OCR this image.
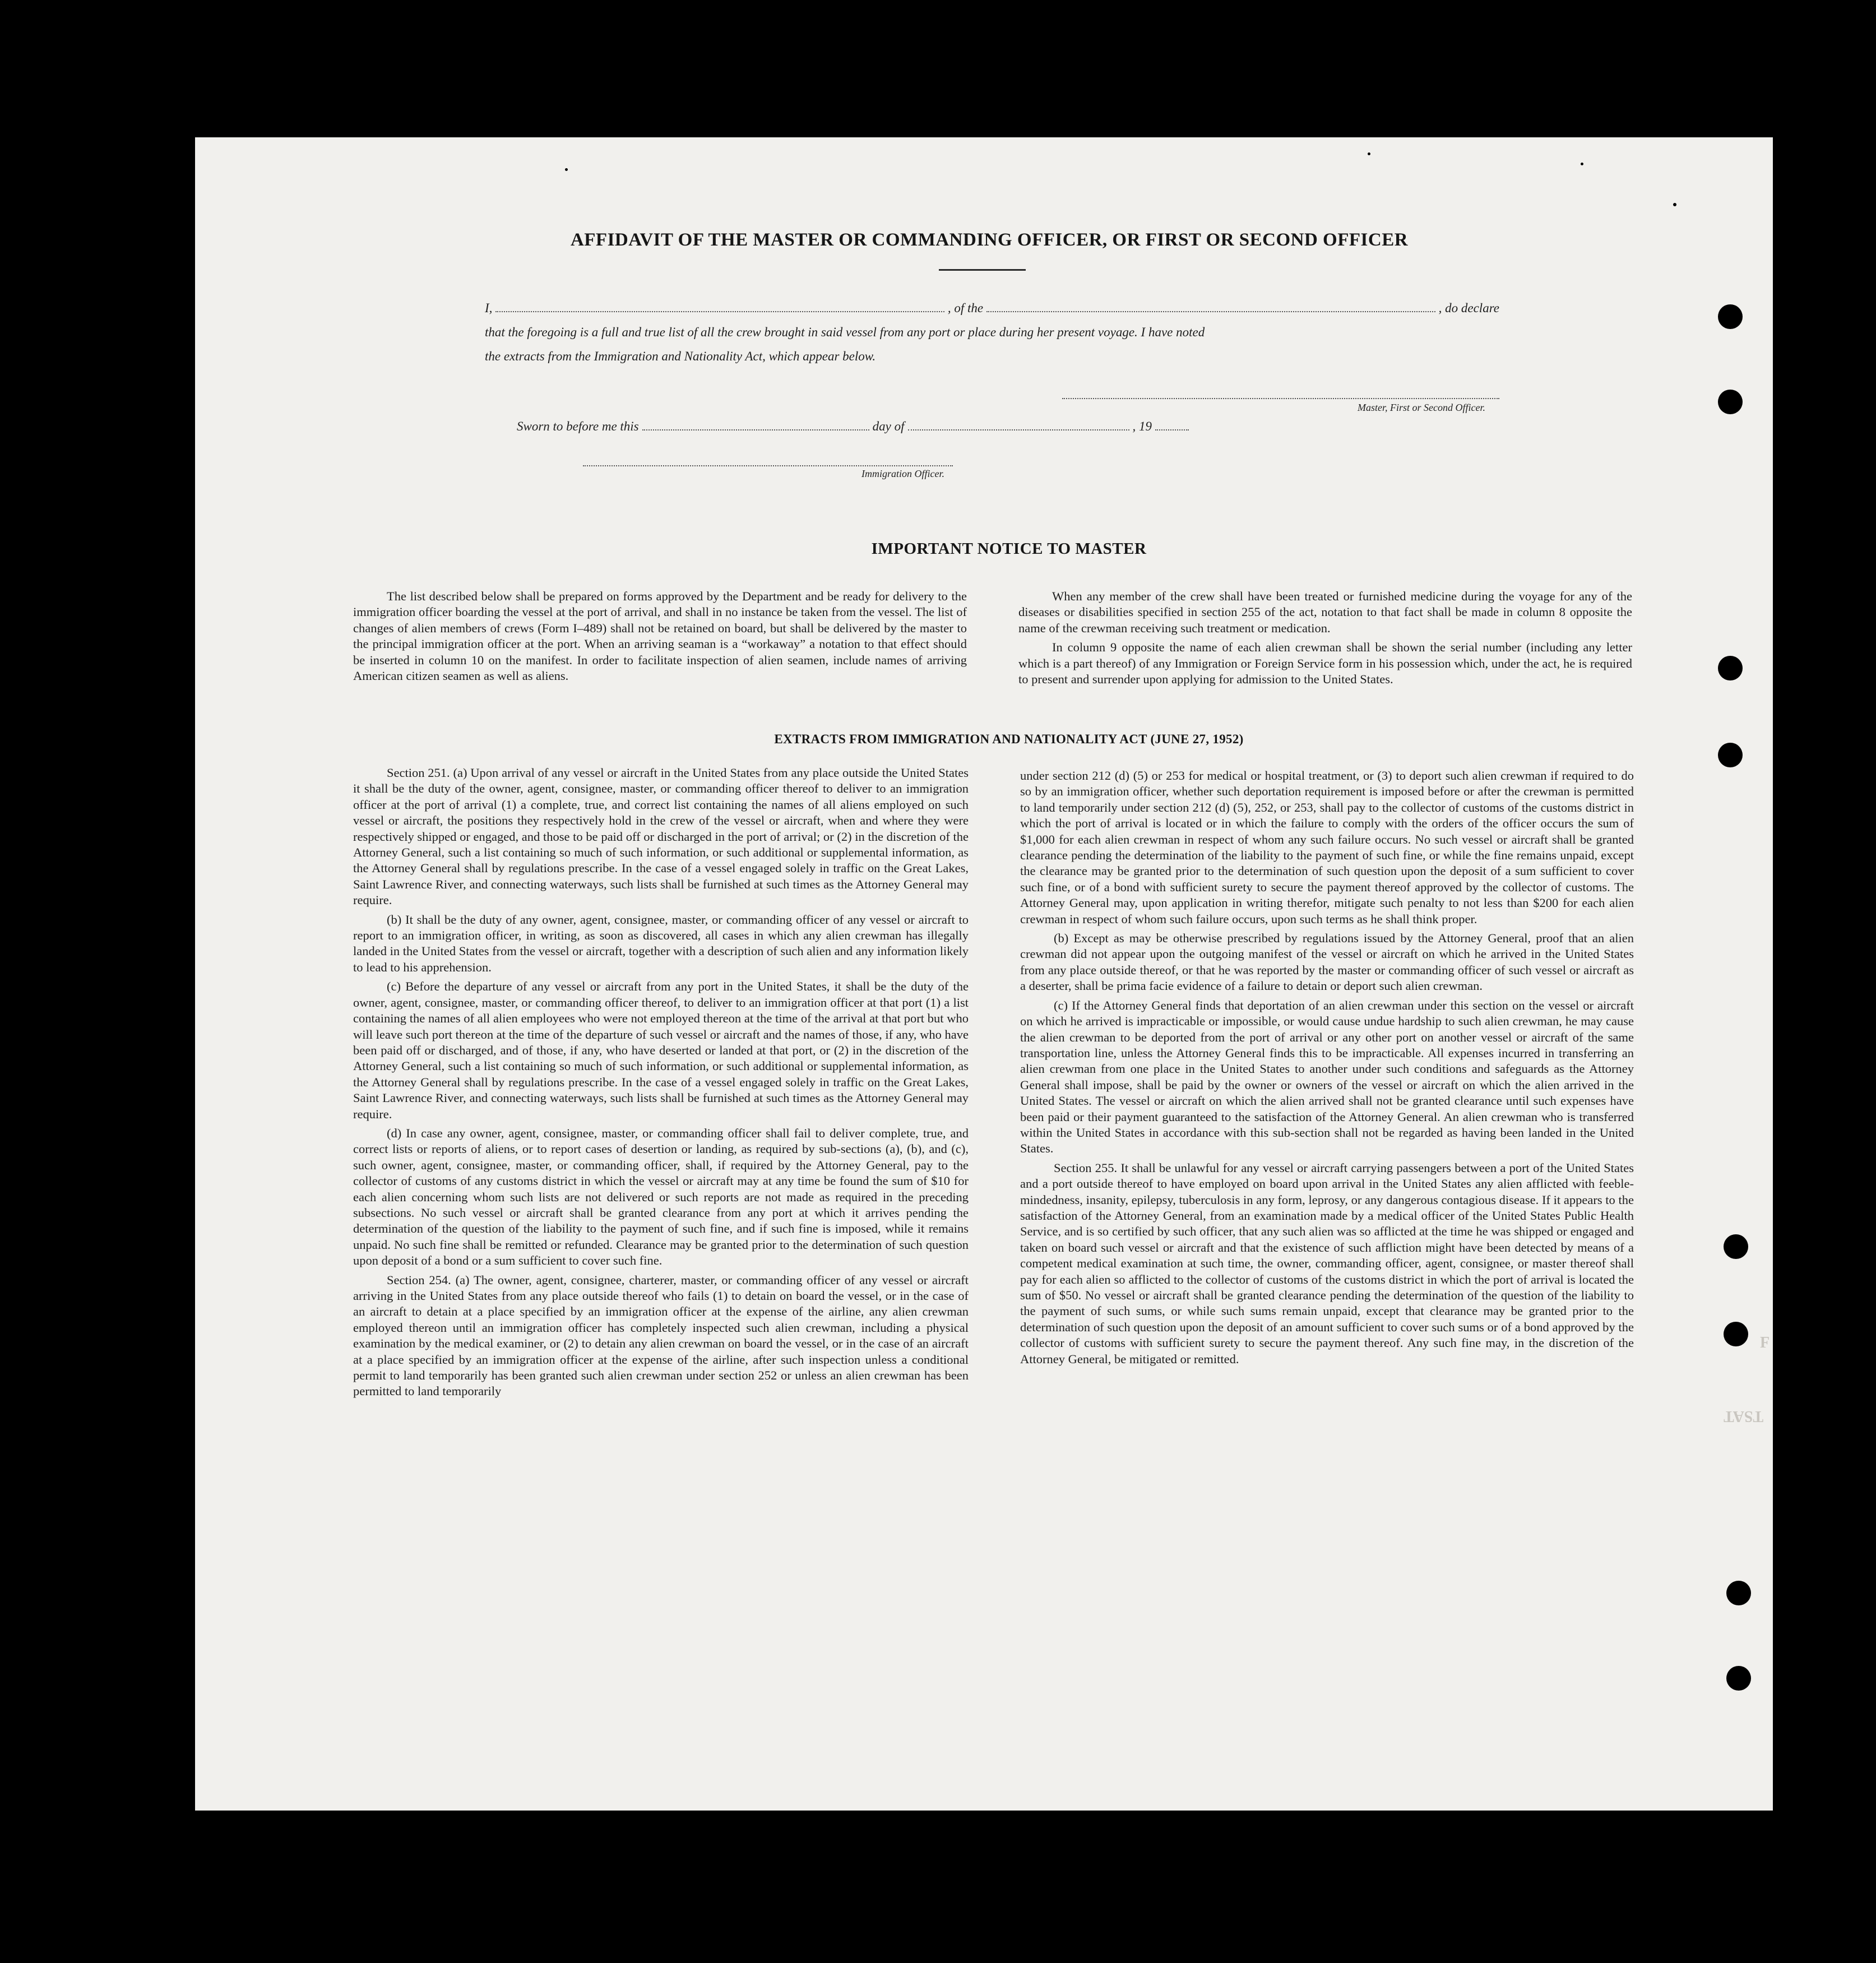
F
TSAT
AFFIDAVIT OF THE MASTER OR COMMANDING OFFICER, OR FIRST OR SECOND OFFICER
I,	, of the	, do declare
that the foregoing is a full and true list of all the crew brought in said vessel from any port or place during her present voyage. I have noted
the extracts from the Immigration and Nationality Act, which appear below.
Master, First or Second Officer.
Sworn to before me this	day of	, 19
Immigration Officer.
IMPORTANT NOTICE TO MASTER

The list described below shall be prepared on forms approved by the Department and be ready for delivery to the immigration officer boarding the vessel at the port of arrival, and shall in no instance be taken from the vessel. The list of changes of alien members of crews (Form I–489) shall not be retained on board, but shall be delivered by the master to the principal immigration officer at the port. When an arriving seaman is a “workaway” a notation to that effect should be inserted in column 10 on the manifest. In order to facilitate inspection of alien seamen, include names of arriving American citizen seamen as well as aliens.

When any member of the crew shall have been treated or furnished medicine during the voyage for any of the diseases or disabilities specified in section 255 of the act, notation to that fact shall be made in column 8 opposite the name of the crewman receiving such treatment or medication.

In column 9 opposite the name of each alien crewman shall be shown the serial number (including any letter which is a part thereof) of any Immigration or Foreign Service form in his possession which, under the act, he is required to present and surrender upon applying for admission to the United States.

EXTRACTS FROM IMMIGRATION AND NATIONALITY ACT (JUNE 27, 1952)

Section 251. (a) Upon arrival of any vessel or aircraft in the United States from any place outside the United States it shall be the duty of the owner, agent, consignee, master, or commanding officer thereof to deliver to an immigration officer at the port of arrival (1) a complete, true, and correct list containing the names of all aliens employed on such vessel or aircraft, the positions they respectively hold in the crew of the vessel or aircraft, when and where they were respectively shipped or engaged, and those to be paid off or discharged in the port of arrival; or (2) in the discretion of the Attorney General, such a list containing so much of such information, or such additional or supplemental information, as the Attorney General shall by regulations prescribe. In the case of a vessel engaged solely in traffic on the Great Lakes, Saint Lawrence River, and connecting waterways, such lists shall be furnished at such times as the Attorney General may require.

(b) It shall be the duty of any owner, agent, consignee, master, or commanding officer of any vessel or aircraft to report to an immigration officer, in writing, as soon as discovered, all cases in which any alien crewman has illegally landed in the United States from the vessel or aircraft, together with a description of such alien and any information likely to lead to his apprehension.

(c) Before the departure of any vessel or aircraft from any port in the United States, it shall be the duty of the owner, agent, consignee, master, or commanding officer thereof, to deliver to an immigration officer at that port (1) a list containing the names of all alien employees who were not employed thereon at the time of the arrival at that port but who will leave such port thereon at the time of the departure of such vessel or aircraft and the names of those, if any, who have been paid off or discharged, and of those, if any, who have deserted or landed at that port, or (2) in the discretion of the Attorney General, such a list containing so much of such information, or such additional or supplemental information, as the Attorney General shall by regulations prescribe. In the case of a vessel engaged solely in traffic on the Great Lakes, Saint Lawrence River, and connecting waterways, such lists shall be furnished at such times as the Attorney General may require.

(d) In case any owner, agent, consignee, master, or commanding officer shall fail to deliver complete, true, and correct lists or reports of aliens, or to report cases of desertion or landing, as required by sub-sections (a), (b), and (c), such owner, agent, consignee, master, or commanding officer, shall, if required by the Attorney General, pay to the collector of customs of any customs district in which the vessel or aircraft may at any time be found the sum of $10 for each alien concerning whom such lists are not delivered or such reports are not made as required in the preceding subsections. No such vessel or aircraft shall be granted clearance from any port at which it arrives pending the determination of the question of the liability to the payment of such fine, and if such fine is imposed, while it remains unpaid. No such fine shall be remitted or refunded. Clearance may be granted prior to the determination of such question upon deposit of a bond or a sum sufficient to cover such fine.

Section 254. (a) The owner, agent, consignee, charterer, master, or commanding officer of any vessel or aircraft arriving in the United States from any place outside thereof who fails (1) to detain on board the vessel, or in the case of an aircraft to detain at a place specified by an immigration officer at the expense of the airline, any alien crewman employed thereon until an immigration officer has completely inspected such alien crewman, including a physical examination by the medical examiner, or (2) to detain any alien crewman on board the vessel, or in the case of an aircraft at a place specified by an immigration officer at the expense of the airline, after such inspection unless a conditional permit to land temporarily has been granted such alien crewman under section 252 or unless an alien crewman has been permitted to land temporarily

under section 212 (d) (5) or 253 for medical or hospital treatment, or (3) to deport such alien crewman if required to do so by an immigration officer, whether such deportation requirement is imposed before or after the crewman is permitted to land temporarily under section 212 (d) (5), 252, or 253, shall pay to the collector of customs of the customs district in which the port of arrival is located or in which the failure to comply with the orders of the officer occurs the sum of $1,000 for each alien crewman in respect of whom any such failure occurs. No such vessel or aircraft shall be granted clearance pending the determination of the liability to the payment of such fine, or while the fine remains unpaid, except the clearance may be granted prior to the determination of such question upon the deposit of a sum sufficient to cover such fine, or of a bond with sufficient surety to secure the payment thereof approved by the collector of customs. The Attorney General may, upon application in writing therefor, mitigate such penalty to not less than $200 for each alien crewman in respect of whom such failure occurs, upon such terms as he shall think proper.

(b) Except as may be otherwise prescribed by regulations issued by the Attorney General, proof that an alien crewman did not appear upon the outgoing manifest of the vessel or aircraft on which he arrived in the United States from any place outside thereof, or that he was reported by the master or commanding officer of such vessel or aircraft as a deserter, shall be prima facie evidence of a failure to detain or deport such alien crewman.

(c) If the Attorney General finds that deportation of an alien crewman under this section on the vessel or aircraft on which he arrived is impracticable or impossible, or would cause undue hardship to such alien crewman, he may cause the alien crewman to be deported from the port of arrival or any other port on another vessel or aircraft of the same transportation line, unless the Attorney General finds this to be impracticable. All expenses incurred in transferring an alien crewman from one place in the United States to another under such conditions and safeguards as the Attorney General shall impose, shall be paid by the owner or owners of the vessel or aircraft on which the alien arrived in the United States. The vessel or aircraft on which the alien arrived shall not be granted clearance until such expenses have been paid or their payment guaranteed to the satisfaction of the Attorney General. An alien crewman who is transferred within the United States in accordance with this sub-section shall not be regarded as having been landed in the United States.

Section 255. It shall be unlawful for any vessel or aircraft carrying passengers between a port of the United States and a port outside thereof to have employed on board upon arrival in the United States any alien afflicted with feeble-mindedness, insanity, epilepsy, tuberculosis in any form, leprosy, or any dangerous contagious disease. If it appears to the satisfaction of the Attorney General, from an examination made by a medical officer of the United States Public Health Service, and is so certified by such officer, that any such alien was so afflicted at the time he was shipped or engaged and taken on board such vessel or aircraft and that the existence of such affliction might have been detected by means of a competent medical examination at such time, the owner, commanding officer, agent, consignee, or master thereof shall pay for each alien so afflicted to the collector of customs of the customs district in which the port of arrival is located the sum of $50. No vessel or aircraft shall be granted clearance pending the determination of the question of the liability to the payment of such sums, or while such sums remain unpaid, except that clearance may be granted prior to the determination of such question upon the deposit of an amount sufficient to cover such sums or of a bond approved by the collector of customs with sufficient surety to secure the payment thereof. Any such fine may, in the discretion of the Attorney General, be mitigated or remitted.
